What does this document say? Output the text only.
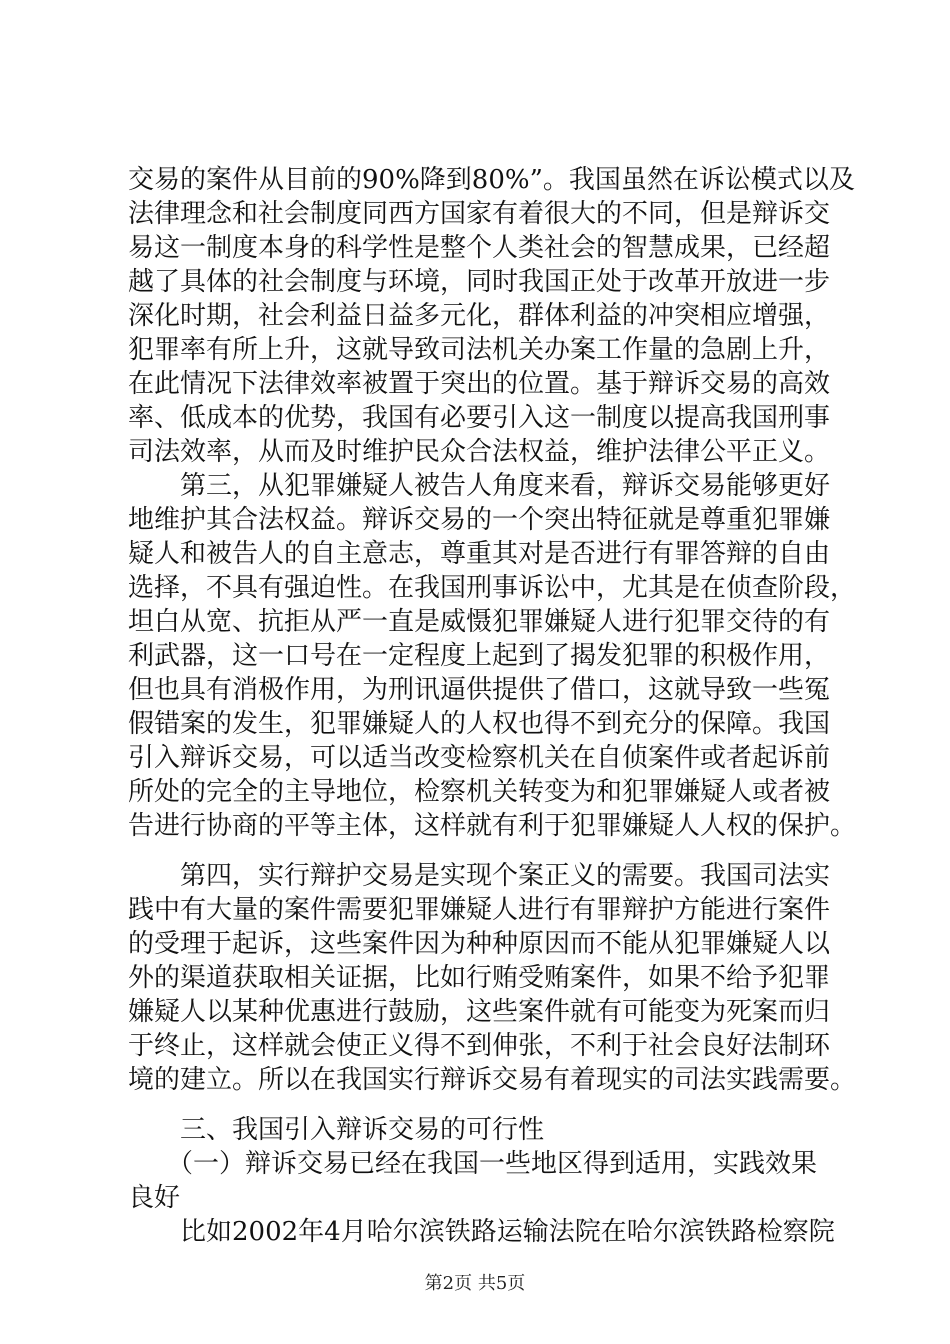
交易的案件从目前的90%降到80%”。我国虽然在诉讼模式以及
法律理念和社会制度同西方国家有着很大的不同，但是辩诉交
易这一制度本身的科学性是整个人类社会的智慧成果，已经超
越了具体的社会制度与环境，同时我国正处于改革开放进一步
深化时期，社会利益日益多元化，群体利益的冲突相应增强，
犯罪率有所上升，这就导致司法机关办案工作量的急剧上升，
在此情况下法律效率被置于突出的位置。基于辩诉交易的高效
率、低成本的优势，我国有必要引入这一制度以提高我国刑事
司法效率，从而及时维护民众合法权益，维护法律公平正义。
　　第三，从犯罪嫌疑人被告人角度来看，辩诉交易能够更好
地维护其合法权益。辩诉交易的一个突出特征就是尊重犯罪嫌
疑人和被告人的自主意志，尊重其对是否进行有罪答辩的自由
选择，不具有强迫性。在我国刑事诉讼中，尤其是在侦查阶段，
坦白从宽、抗拒从严一直是威慑犯罪嫌疑人进行犯罪交待的有
利武器，这一口号在一定程度上起到了揭发犯罪的积极作用，
但也具有消极作用，为刑讯逼供提供了借口，这就导致一些冤
假错案的发生，犯罪嫌疑人的人权也得不到充分的保障。我国
引入辩诉交易，可以适当改变检察机关在自侦案件或者起诉前
所处的完全的主导地位，检察机关转变为和犯罪嫌疑人或者被
告进行协商的平等主体，这样就有利于犯罪嫌疑人人权的保护。
　　第四，实行辩护交易是实现个案正义的需要。我国司法实
践中有大量的案件需要犯罪嫌疑人进行有罪辩护方能进行案件
的受理于起诉，这些案件因为种种原因而不能从犯罪嫌疑人以
外的渠道获取相关证据，比如行贿受贿案件，如果不给予犯罪
嫌疑人以某种优惠进行鼓励，这些案件就有可能变为死案而归
于终止，这样就会使正义得不到伸张，不利于社会良好法制环
境的建立。所以在我国实行辩诉交易有着现实的司法实践需要。
　　三、我国引入辩诉交易的可行性
　　（一）辩诉交易已经在我国一些地区得到适用，实践效果
良好
　　比如2002年4月哈尔滨铁路运输法院在哈尔滨铁路检察院
第2页 共5页
